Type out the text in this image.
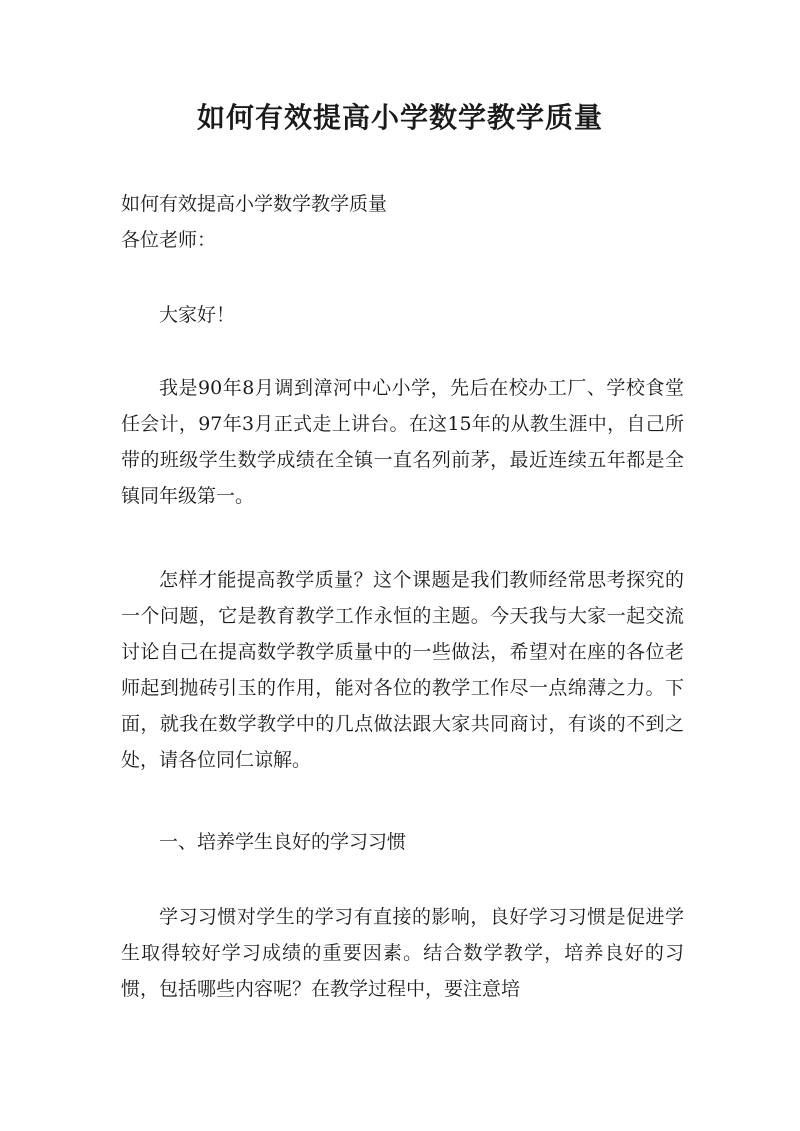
如何有效提高小学数学教学质量

如何有效提高小学数学教学质量

各位老师：

大家好！

我是90年8月调到漳河中心小学，先后在校办工厂、学校食堂任会计，97年3月正式走上讲台。在这15年的从教生涯中，自己所带的班级学生数学成绩在全镇一直名列前茅，最近连续五年都是全镇同年级第一。

怎样才能提高教学质量？这个课题是我们教师经常思考探究的一个问题，它是教育教学工作永恒的主题。今天我与大家一起交流讨论自己在提高数学教学质量中的一些做法，希望对在座的各位老师起到抛砖引玉的作用，能对各位的教学工作尽一点绵薄之力。下面，就我在数学教学中的几点做法跟大家共同商讨，有谈的不到之处，请各位同仁谅解。

一、培养学生良好的学习习惯

学习习惯对学生的学习有直接的影响，良好学习习惯是促进学生取得较好学习成绩的重要因素。结合数学教学，培养良好的习惯，包括哪些内容呢？在教学过程中，要注意培
